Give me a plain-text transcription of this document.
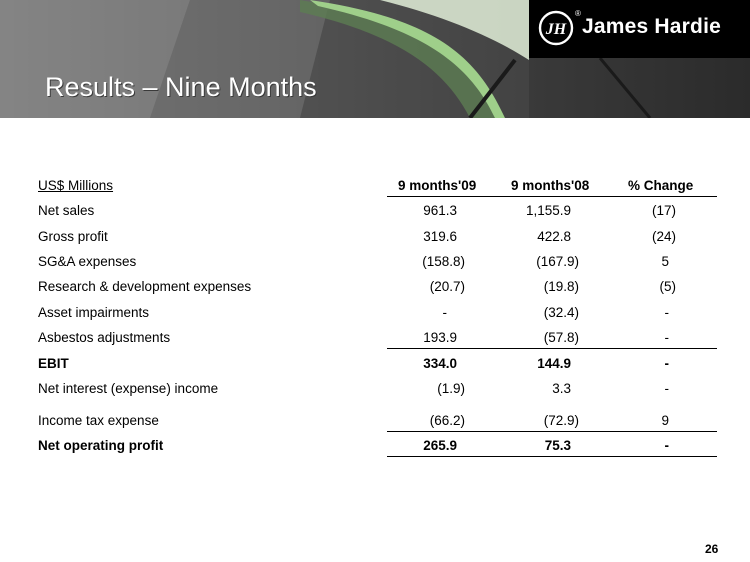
JH
®
James Hardie
Results – Nine Months
US$ Millions	9 months'09	9 months'08	% Change
Net sales	961.3	1,155.9	(17)
Gross profit	319.6	422.8	(24)
SG&A expenses	(158.8)	(167.9)	5
Research & development expenses	(20.7)	(19.8)	(5)
Asset impairments	-	(32.4)	-
Asbestos adjustments	193.9	(57.8)	-
EBIT	334.0	144.9	-
Net interest (expense) income	(1.9)	3.3	-
Income tax expense	(66.2)	(72.9)	9
Net operating profit	265.9	75.3	-
26
